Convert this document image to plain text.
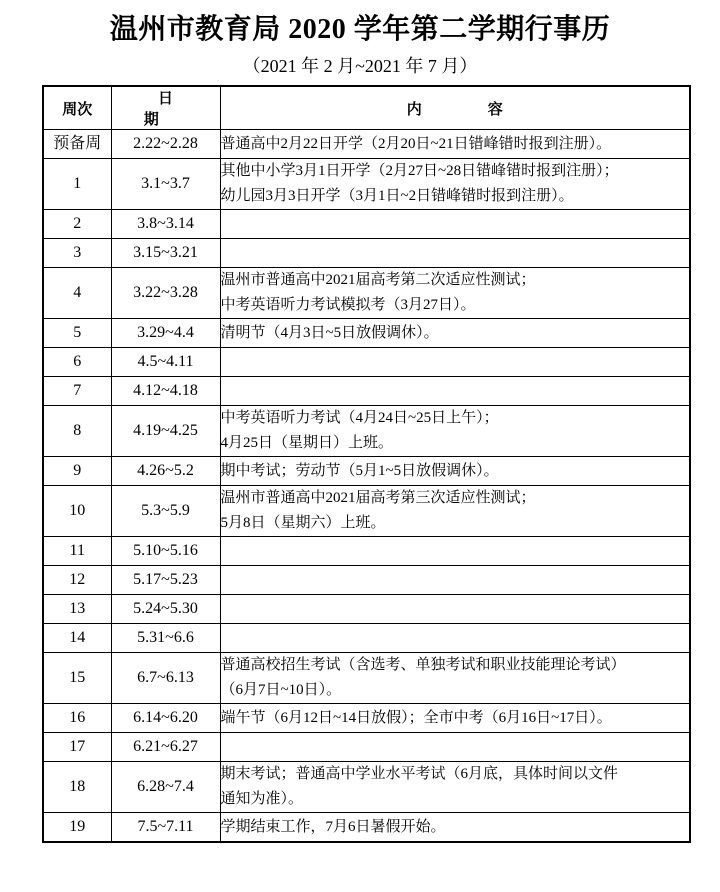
温州市教育局 2020 学年第二学期行事历
（2021 年 2 月~2021 年 7 月）
周次	日期	内容
预备周	2.22~2.28	普通高中2月22日开学（2月20日~21日错峰错时报到注册）。

1	3.1~3.7	其他中小学3月1日开学（2月27日~28日错峰错时报到注册）；
幼儿园3月3日开学（3月1日~2日错峰错时报到注册）。

2	3.8~3.14	
3	3.15~3.21	
4	3.22~3.28	温州市普通高中2021届高考第二次适应性测试；
中考英语听力考试模拟考（3月27日）。

5	3.29~4.4	清明节（4月3日~5日放假调休）。

6	4.5~4.11	
7	4.12~4.18	
8	4.19~4.25	中考英语听力考试（4月24日~25日上午）；
4月25日（星期日）上班。

9	4.26~5.2	期中考试；劳动节（5月1~5日放假调休）。

10	5.3~5.9	温州市普通高中2021届高考第三次适应性测试；
5月8日（星期六）上班。

11	5.10~5.16	
12	5.17~5.23	
13	5.24~5.30	
14	5.31~6.6	
15	6.7~6.13	普通高校招生考试（含选考、单独考试和职业技能理论考试）
（6月7日~10日）。

16	6.14~6.20	端午节（6月12日~14日放假）；全市中考（6月16日~17日）。

17	6.21~6.27	
18	6.28~7.4	期末考试；普通高中学业水平考试（6月底，具体时间以文件
通知为准）。

19	7.5~7.11	学期结束工作，7月6日暑假开始。
